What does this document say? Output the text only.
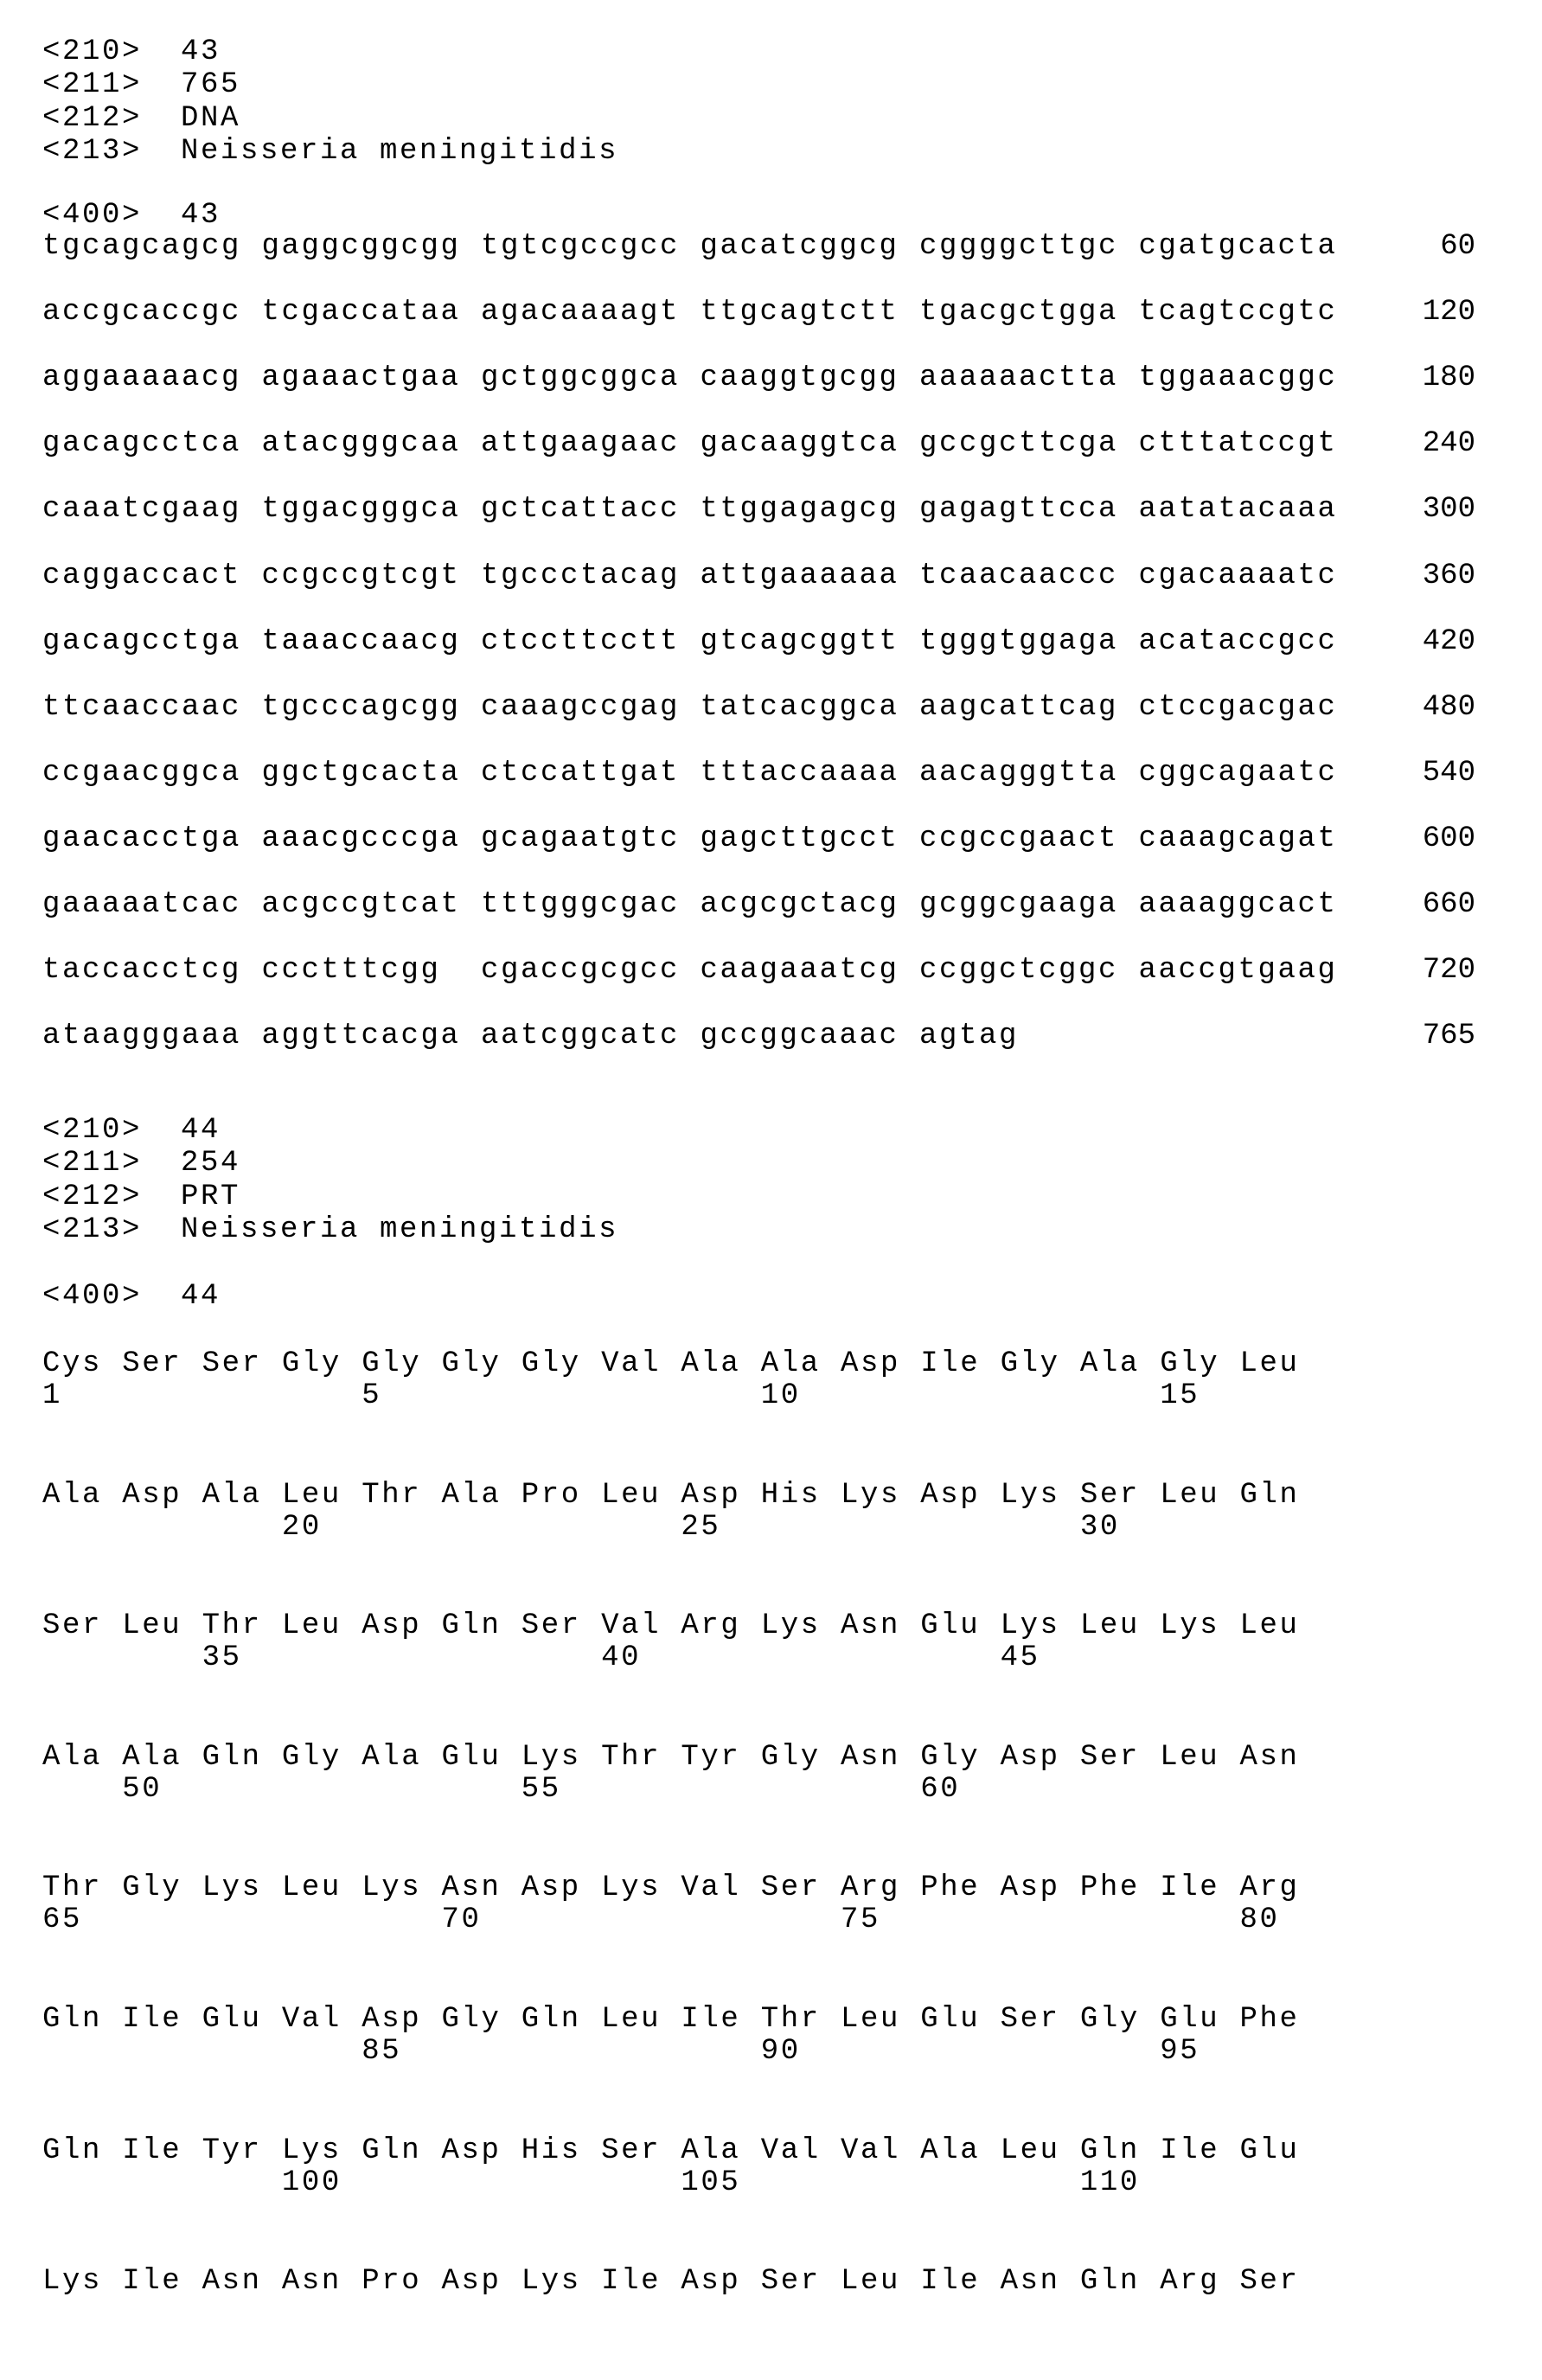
<210> 43
<211> 765
<212> DNA
<213> Neisseria meningitidis
<400> 43
tgcagcagcg gaggcggcgg tgtcgccgcc gacatcggcg cggggcttgc cgatgcacta	60
accgcaccgc tcgaccataa agacaaaagt ttgcagtctt tgacgctgga tcagtccgtc	120
aggaaaaacg agaaactgaa gctggcggca caaggtgcgg aaaaaactta tggaaacggc	180
gacagcctca atacgggcaa attgaagaac gacaaggtca gccgcttcga ctttatccgt	240
caaatcgaag tggacgggca gctcattacc ttggagagcg gagagttcca aatatacaaa	300
caggaccact ccgccgtcgt tgccctacag attgaaaaaa tcaacaaccc cgacaaaatc	360
gacagcctga taaaccaacg ctccttcctt gtcagcggtt tgggtggaga acataccgcc	420
ttcaaccaac tgcccagcgg caaagccgag tatcacggca aagcattcag ctccgacgac	480
ccgaacggca ggctgcacta ctccattgat tttaccaaaa aacagggtta cggcagaatc	540
gaacacctga aaacgcccga gcagaatgtc gagcttgcct ccgccgaact caaagcagat	600
gaaaaatcac acgccgtcat tttgggcgac acgcgctacg gcggcgaaga aaaaggcact	660
taccacctcg ccctttcgg cgaccgcgcc caagaaatcg ccggctcggc aaccgtgaag	720
ataagggaaa aggttcacga aatcggcatc gccggcaaac agtag	765
<210> 44
<211> 254
<212> PRT
<213> Neisseria meningitidis
<400> 44
Cys Ser Ser Gly Gly Gly Gly Val Ala Ala Asp Ile Gly Ala Gly Leu
1	5	10	15
Ala Asp Ala Leu Thr Ala Pro Leu Asp His Lys Asp Lys Ser Leu Gln
20	25	30
Ser Leu Thr Leu Asp Gln Ser Val Arg Lys Asn Glu Lys Leu Lys Leu
35	40	45
Ala Ala Gln Gly Ala Glu Lys Thr Tyr Gly Asn Gly Asp Ser Leu Asn
50	55	60
Thr Gly Lys Leu Lys Asn Asp Lys Val Ser Arg Phe Asp Phe Ile Arg
65	70	75	80
Gln Ile Glu Val Asp Gly Gln Leu Ile Thr Leu Glu Ser Gly Glu Phe
85	90	95
Gln Ile Tyr Lys Gln Asp His Ser Ala Val Val Ala Leu Gln Ile Glu
100	105	110
Lys Ile Asn Asn Pro Asp Lys Ile Asp Ser Leu Ile Asn Gln Arg Ser
